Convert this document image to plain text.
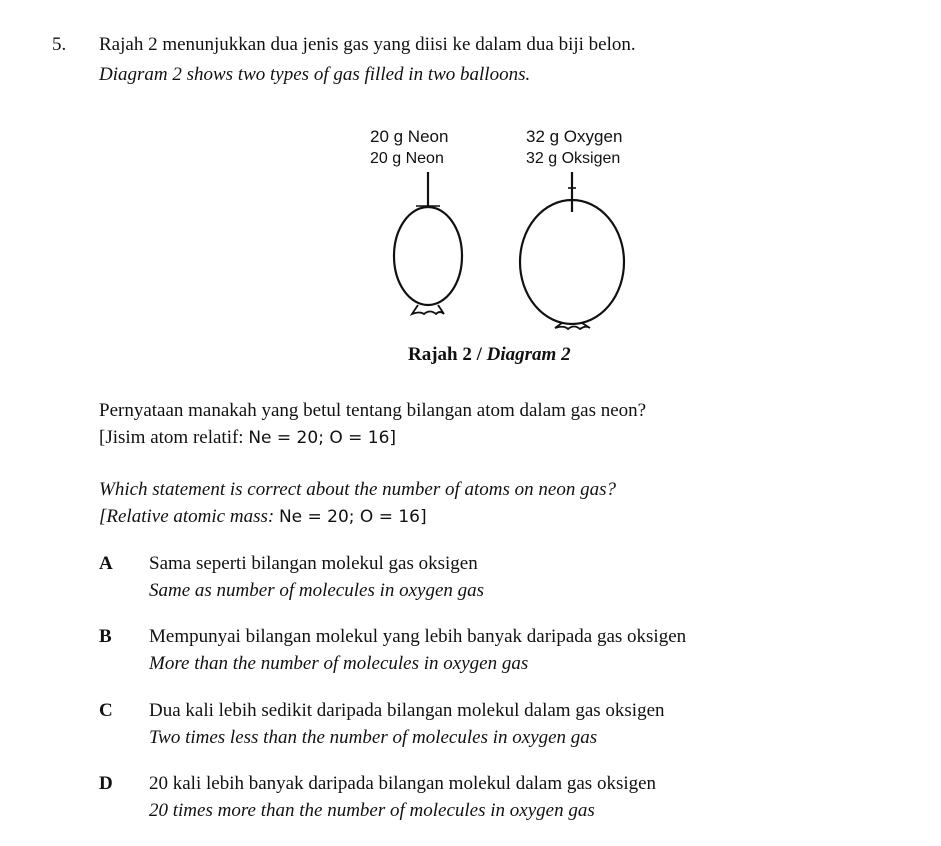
5. Rajah 2 menunjukkan dua jenis gas yang diisi ke dalam dua biji belon.
Diagram 2 shows two types of gas filled in two balloons.
20 g Neon
20 g Neon
32 g Oxygen
32 g Oksigen
Rajah 2 / Diagram 2
Pernyataan manakah yang betul tentang bilangan atom dalam gas neon?
[Jisim atom relatif: Ne = 20; O = 16]
Which statement is correct about the number of atoms on neon gas?
[Relative atomic mass: Ne = 20; O = 16]
A Sama seperti bilangan molekul gas oksigen
Same as number of molecules in oxygen gas
B Mempunyai bilangan molekul yang lebih banyak daripada gas oksigen
More than the number of molecules in oxygen gas
C Dua kali lebih sedikit daripada bilangan molekul dalam gas oksigen
Two times less than the number of molecules in oxygen gas
D 20 kali lebih banyak daripada bilangan molekul dalam gas oksigen
20 times more than the number of molecules in oxygen gas
